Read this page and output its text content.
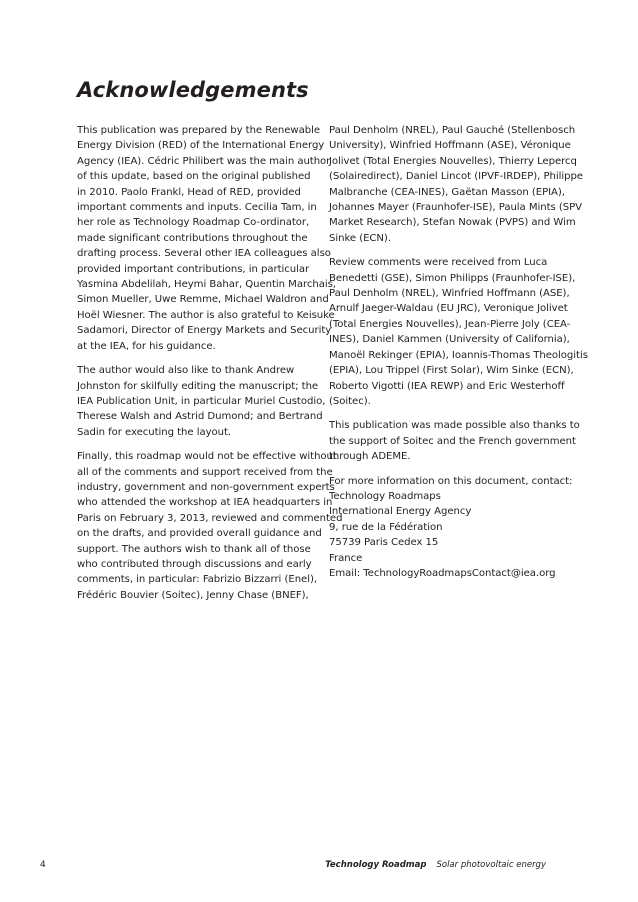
Acknowledgements

This publication was prepared by the Renewable
Energy Division (RED) of the International Energy
Agency (IEA). Cédric Philibert was the main author
of this update, based on the original published
in 2010. Paolo Frankl, Head of RED, provided
important comments and inputs. Cecilia Tam, in
her role as Technology Roadmap Co-ordinator,
made significant contributions throughout the
drafting process. Several other IEA colleagues also
provided important contributions, in particular
Yasmina Abdelilah, Heymi Bahar, Quentin Marchais,
Simon Mueller, Uwe Remme, Michael Waldron and
Hoël Wiesner. The author is also grateful to Keisuke
Sadamori, Director of Energy Markets and Security
at the IEA, for his guidance.

The author would also like to thank Andrew
Johnston for skilfully editing the manuscript; the
IEA Publication Unit, in particular Muriel Custodio,
Therese Walsh and Astrid Dumond; and Bertrand
Sadin for executing the layout.

Finally, this roadmap would not be effective without
all of the comments and support received from the
industry, government and non-government experts
who attended the workshop at IEA headquarters in
Paris on February 3, 2013, reviewed and commented
on the drafts, and provided overall guidance and
support. The authors wish to thank all of those
who contributed through discussions and early
comments, in particular: Fabrizio Bizzarri (Enel),
Frédéric Bouvier (Soitec), Jenny Chase (BNEF),

Paul Denholm (NREL), Paul Gauché (Stellenbosch
University), Winfried Hoffmann (ASE), Véronique
Jolivet (Total Energies Nouvelles), Thierry Lepercq
(Solairedirect), Daniel Lincot (IPVF-IRDEP), Philippe
Malbranche (CEA-INES), Gaëtan Masson (EPIA),
Johannes Mayer (Fraunhofer-ISE), Paula Mints (SPV
Market Research), Stefan Nowak (PVPS) and Wim
Sinke (ECN).

Review comments were received from Luca
Benedetti (GSE), Simon Philipps (Fraunhofer-ISE),
Paul Denholm (NREL), Winfried Hoffmann (ASE),
Arnulf Jaeger-Waldau (EU JRC), Veronique Jolivet
(Total Energies Nouvelles), Jean-Pierre Joly (CEA-
INES), Daniel Kammen (University of California),
Manoël Rekinger (EPIA), Ioannis-Thomas Theologitis
(EPIA), Lou Trippel (First Solar), Wim Sinke (ECN),
Roberto Vigotti (IEA REWP) and Eric Westerhoff
(Soitec).

This publication was made possible also thanks to
the support of Soitec and the French government
through ADEME.

For more information on this document, contact:
Technology Roadmaps
International Energy Agency
9, rue de la Fédération
75739 Paris Cedex 15
France
Email: TechnologyRoadmapsContact@iea.org

4	Technology Roadmap Solar photovoltaic energy
